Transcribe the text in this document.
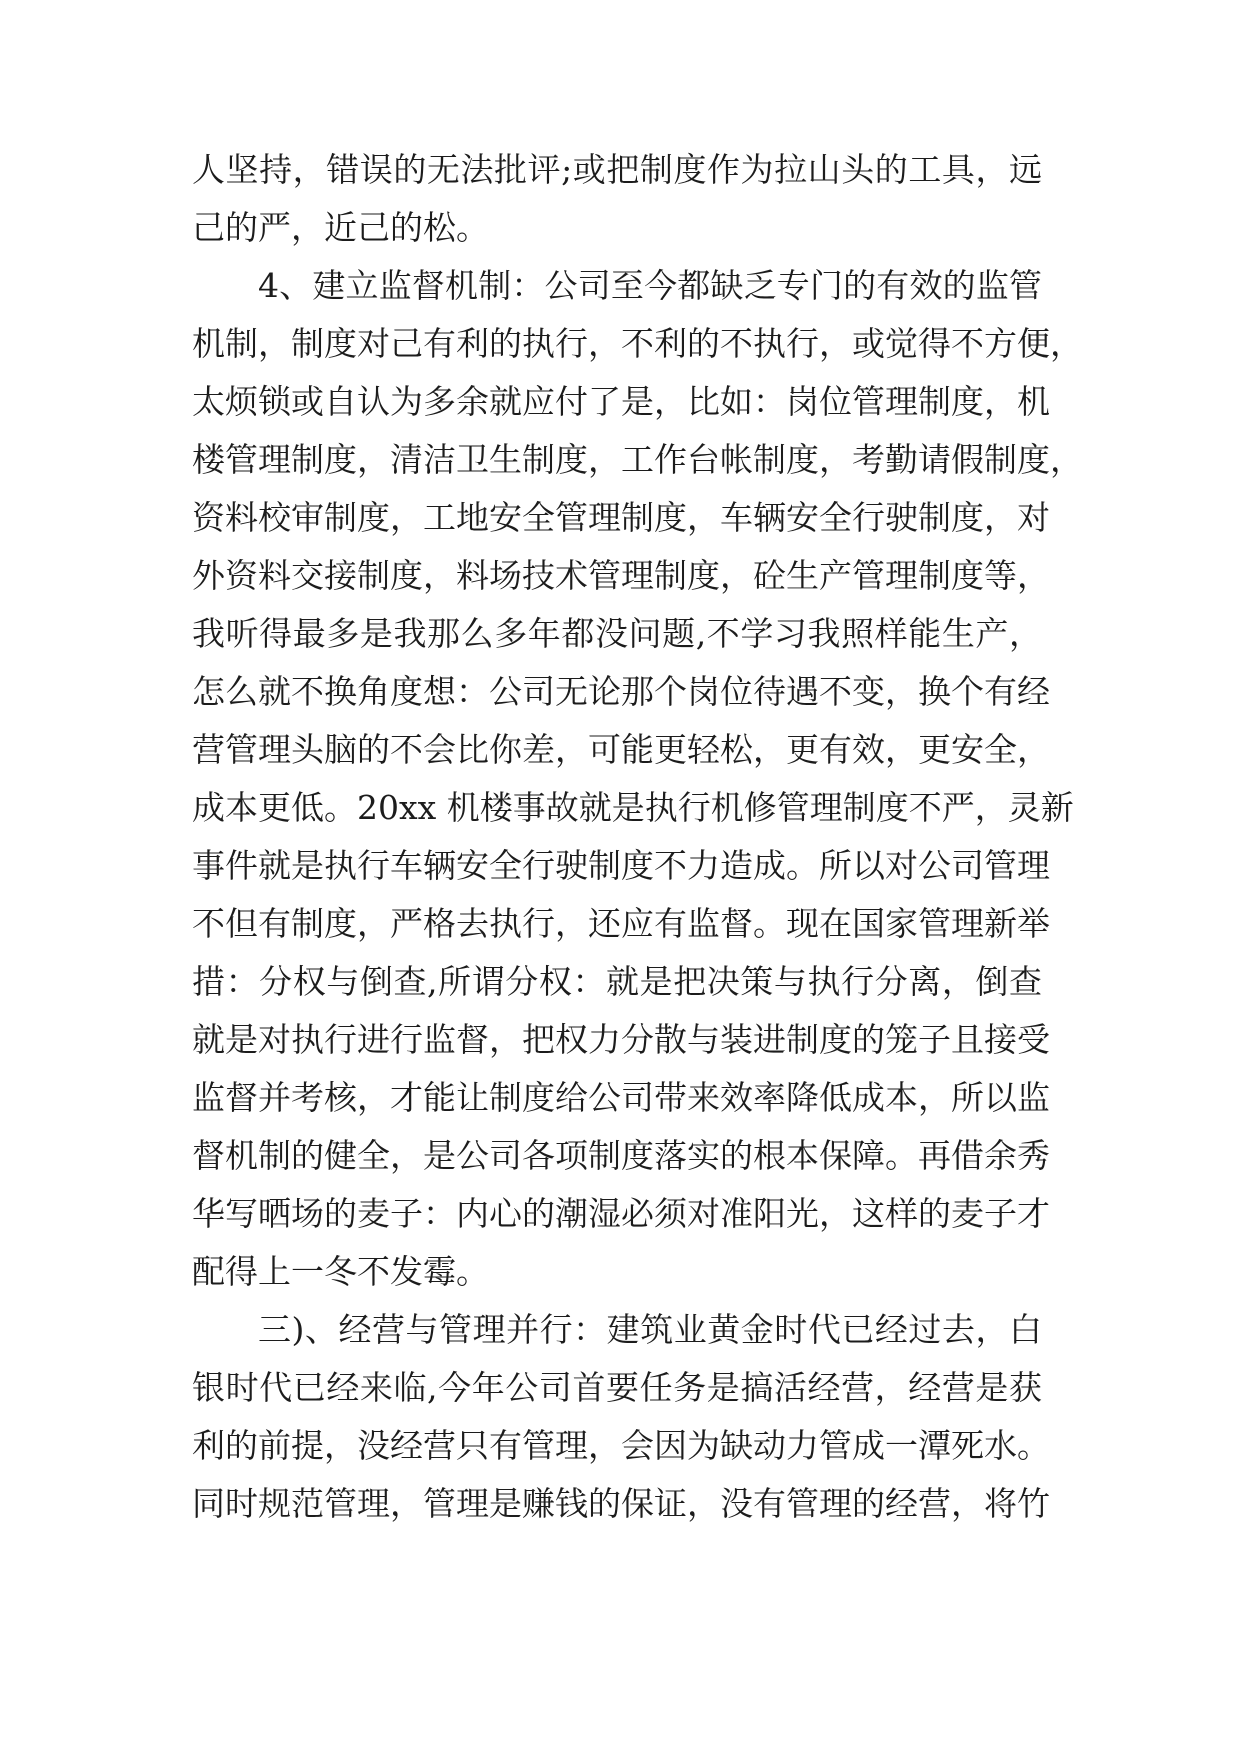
人坚持，错误的无法批评;或把制度作为拉山头的工具，远
己的严，近己的松。
4、建立监督机制：公司至今都缺乏专门的有效的监管
机制，制度对己有利的执行，不利的不执行，或觉得不方便，
太烦锁或自认为多余就应付了是，比如：岗位管理制度，机
楼管理制度，清洁卫生制度，工作台帐制度，考勤请假制度，
资料校审制度，工地安全管理制度，车辆安全行驶制度，对
外资料交接制度，料场技术管理制度，砼生产管理制度等，
我听得最多是我那么多年都没问题,不学习我照样能生产，
怎么就不换角度想：公司无论那个岗位待遇不变，换个有经
营管理头脑的不会比你差，可能更轻松，更有效，更安全，
成本更低。20xx 机楼事故就是执行机修管理制度不严，灵新
事件就是执行车辆安全行驶制度不力造成。所以对公司管理
不但有制度，严格去执行，还应有监督。现在国家管理新举
措：分权与倒查,所谓分权：就是把决策与执行分离，倒查
就是对执行进行监督，把权力分散与装进制度的笼子且接受
监督并考核，才能让制度给公司带来效率降低成本，所以监
督机制的健全，是公司各项制度落实的根本保障。再借余秀
华写晒场的麦子：内心的潮湿必须对准阳光，这样的麦子才
配得上一冬不发霉。
三)、经营与管理并行：建筑业黄金时代已经过去，白
银时代已经来临,今年公司首要任务是搞活经营，经营是获
利的前提，没经营只有管理，会因为缺动力管成一潭死水。
同时规范管理，管理是赚钱的保证，没有管理的经营，将竹
